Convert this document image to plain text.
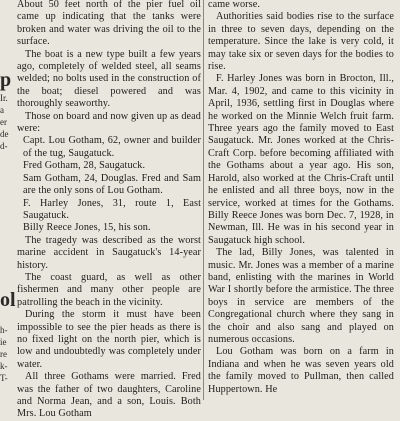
p
Ir.
a
er
de
d-
ol
h-
ie
re
k-
T-

About 50 feet north of the pier fuel oil came up indicating that the tanks were broken and water was driving the oil to the surface.

The boat is a new type built a few years ago, completely of welded steel, all seams welded; no bolts used in the construction of the boat; diesel powered and was thoroughly seaworthy.

Those on board and now given up as dead were:

Capt. Lou Gotham, 62, owner and builder of the tug, Saugatuck.

Fred Gotham, 28, Saugatuck.

Sam Gotham, 24, Douglas. Fred and Sam are the only sons of Lou Gotham.

F. Harley Jones, 31, route 1, East Saugatuck.

Billy Reece Jones, 15, his son.

The tragedy was described as the worst marine accident in Saugatuck's 14-year history.

The coast guard, as well as other fishermen and many other people are patrolling the beach in the vicinity.

During the storm it must have been impossible to see the pier heads as there is no fixed light on the north pier, which is low and undoubtedly was completely under water.

All three Gothams were married. Fred was the father of two daughters, Caroline and Norma Jean, and a son, Louis. Both Mrs. Lou Gotham

came worse.

Authorities said bodies rise to the surface in three to seven days, depending on the temperature. Since the lake is very cold, it may take six or seven days for the bodies to rise.

F. Harley Jones was born in Brocton, Ill., Mar. 4, 1902, and came to this vicinity in April, 1936, settling first in Douglas where he worked on the Minnie Welch fruit farm. Three years ago the family moved to East Saugatuck. Mr. Jones worked at the Chris-Craft Corp. before becoming affiliated with the Gothams about a year ago. His son, Harold, also worked at the Chris-Craft until he enlisted and all three boys, now in the service, worked at times for the Gothams. Billy Reece Jones was born Dec. 7, 1928, in Newman, Ill. He was in his second year in Saugatuck high school.

The lad, Billy Jones, was talented in music. Mr. Jones was a member of a marine band, enlisting with the marines in World War I shortly before the armistice. The three boys in service are members of the Congregational church where they sang in the choir and also sang and played on numerous occasions.

Lou Gotham was born on a farm in Indiana and when he was seven years old the family moved to Pullman, then called Huppertown. He
